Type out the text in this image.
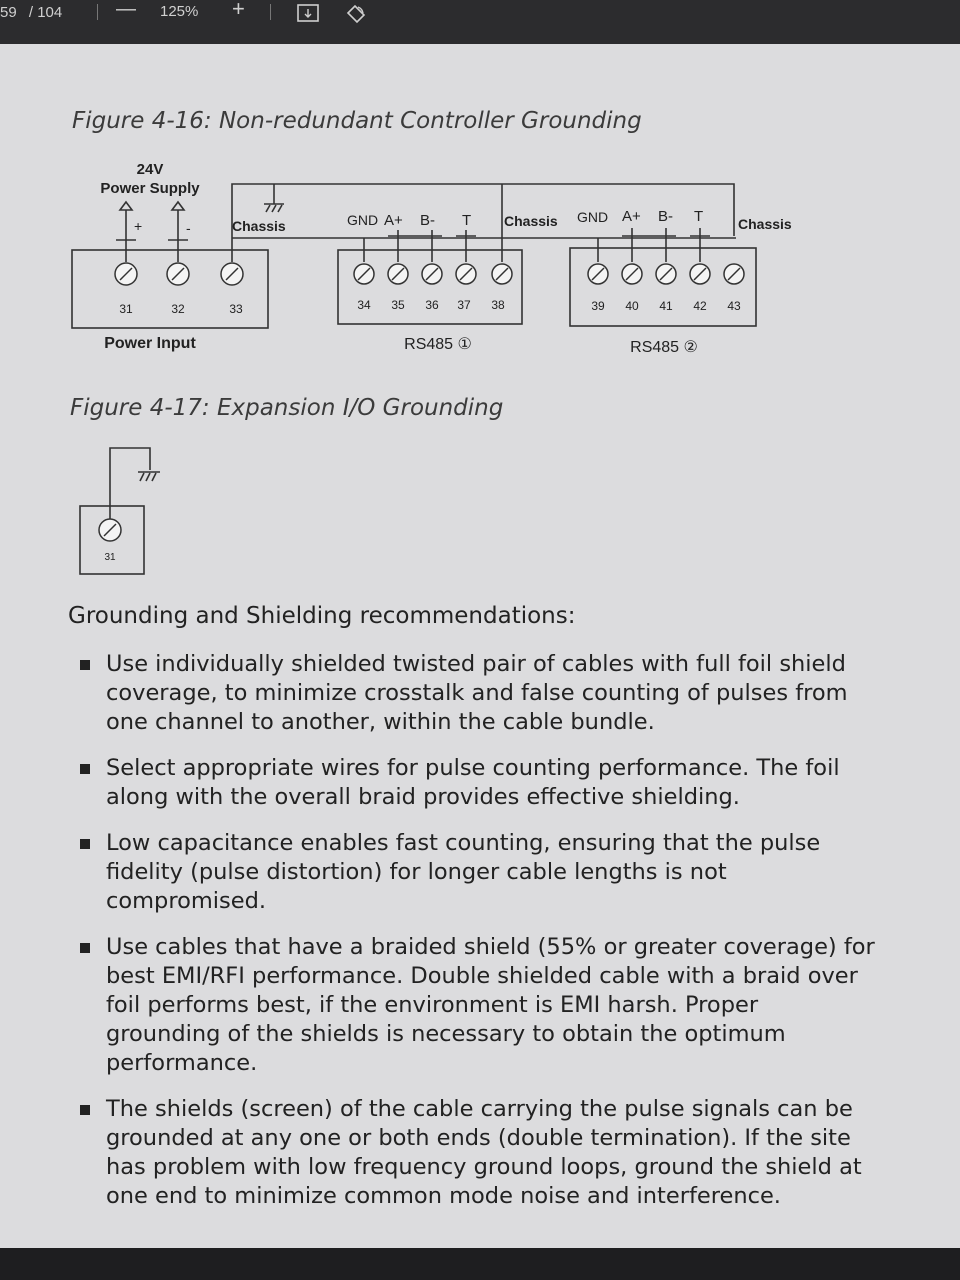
59 / 104	— 125% +
Figure 4-16: Non-redundant Controller Grounding
24V
Power Supply
+	-	Chassis	GND A+ B- T Chassis GND A+ B- T Chassis
31	32	33	34 35 36 37 38	39 40 41 42 43
Power Input	RS485 ①	RS485 ②
31
Figure 4-17: Expansion I/O Grounding
Grounding and Shielding recommendations:
Use individually shielded twisted pair of cables with full foil shield coverage, to minimize crosstalk and false counting of pulses from one channel to another, within the cable bundle.
Select appropriate wires for pulse counting performance. The foil along with the overall braid provides effective shielding.
Low capacitance enables fast counting, ensuring that the pulse fidelity (pulse distortion) for longer cable lengths is not compromised.
Use cables that have a braided shield (55% or greater coverage) for best EMI/RFI performance. Double shielded cable with a braid over foil performs best, if the environment is EMI harsh. Proper grounding of the shields is necessary to obtain the optimum performance.
The shields (screen) of the cable carrying the pulse signals can be grounded at any one or both ends (double termination). If the site has problem with low frequency ground loops, ground the shield at one end to minimize common mode noise and interference.
